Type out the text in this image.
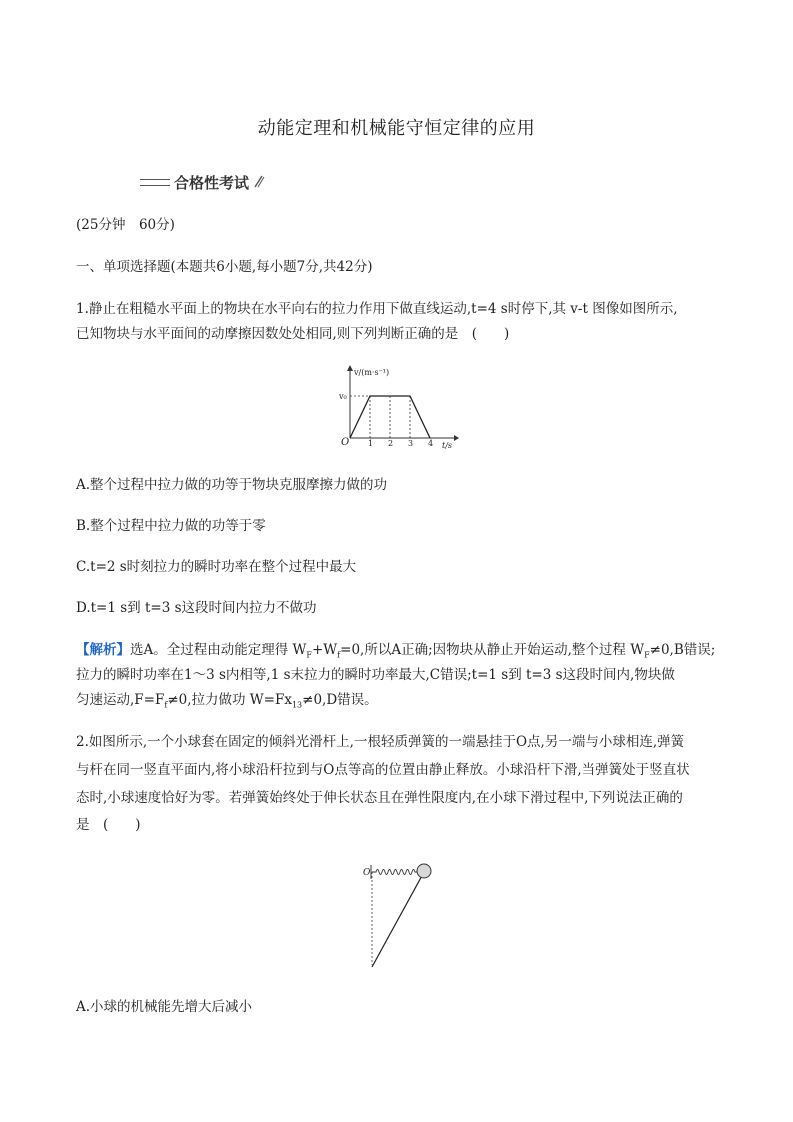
动能定理和机械能守恒定律的应用
合格性考试
(25分钟　60分)
一、单项选择题(本题共6小题,每小题7分,共42分)
1.静止在粗糙水平面上的物块在水平向右的拉力作用下做直线运动,t=4 s时停下,其 v-t 图像如图所示,
已知物块与水平面间的动摩擦因数处处相同,则下列判断正确的是　(　　)
v/(m·s⁻¹)
v₀
O 1 2 3 4 t/s
A.整个过程中拉力做的功等于物块克服摩擦力做的功
B.整个过程中拉力做的功等于零
C.t=2 s时刻拉力的瞬时功率在整个过程中最大
D.t=1 s到 t=3 s这段时间内拉力不做功
【解析】选A。全过程由动能定理得 $W_F+W_f=0$,所以A正确;因物块从静止开始运动,整个过程 $W_F\ne 0,B$错误;
拉力的瞬时功率在1～3 s内相等,1 s末拉力的瞬时功率最大,C错误;t=1 s到 t=3 s这段时间内,物块做
匀速运动$,F=F_f\ne 0$,拉力做功 $W=Fx_{13}\ne 0,D$错误。
2.如图所示,一个小球套在固定的倾斜光滑杆上,一根轻质弹簧的一端悬挂于O点,另一端与小球相连,弹簧
与杆在同一竖直平面内,将小球沿杆拉到与O点等高的位置由静止释放。小球沿杆下滑,当弹簧处于竖直状
态时,小球速度恰好为零。若弹簧始终处于伸长状态且在弹性限度内,在小球下滑过程中,下列说法正确的
是　(　　)
O
A.小球的机械能先增大后减小
